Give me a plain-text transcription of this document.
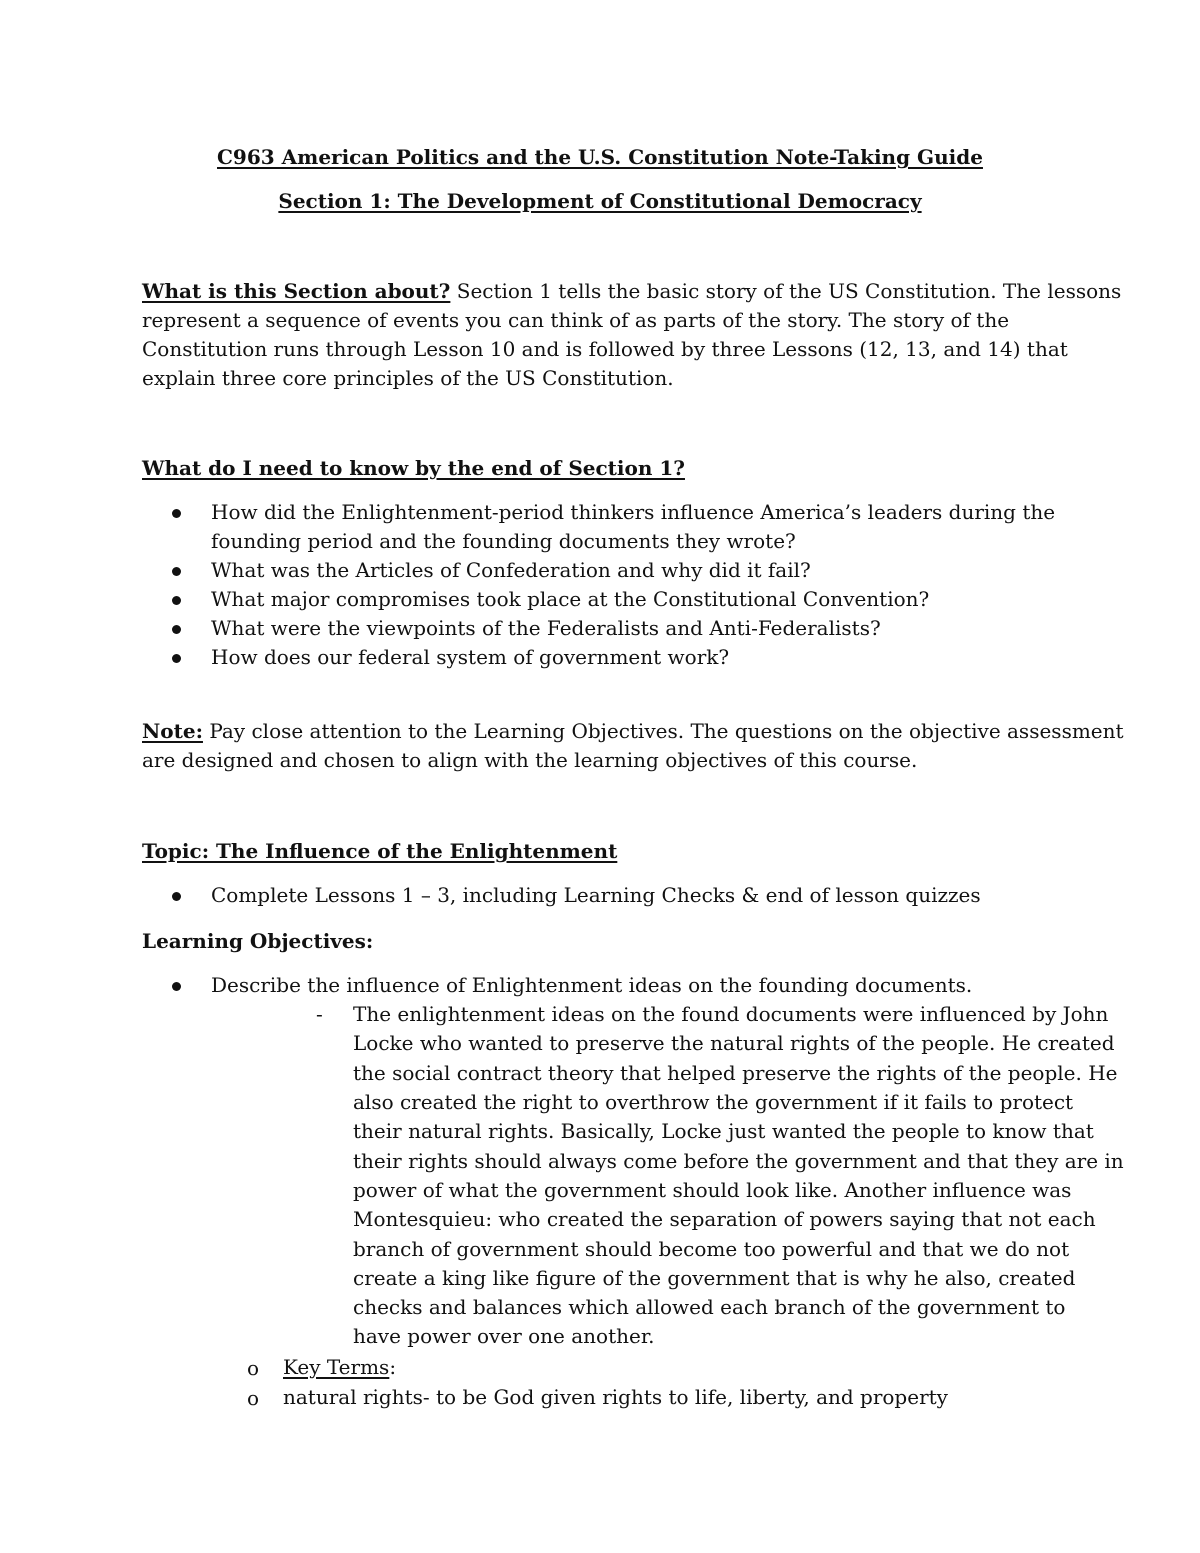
C963 American Politics and the U.S. Constitution Note-Taking Guide
Section 1: The Development of Constitutional Democracy
What is this Section about? Section 1 tells the basic story of the US Constitution. The lessons
represent a sequence of events you can think of as parts of the story. The story of the
Constitution runs through Lesson 10 and is followed by three Lessons (12, 13, and 14) that
explain three core principles of the US Constitution.
What do I need to know by the end of Section 1?
How did the Enlightenment-period thinkers influence America’s leaders during the
founding period and the founding documents they wrote?
What was the Articles of Confederation and why did it fail?
What major compromises took place at the Constitutional Convention?
What were the viewpoints of the Federalists and Anti-Federalists?
How does our federal system of government work?
Note: Pay close attention to the Learning Objectives. The questions on the objective assessment
are designed and chosen to align with the learning objectives of this course.
Topic: The Influence of the Enlightenment
Complete Lessons 1 – 3, including Learning Checks & end of lesson quizzes
Learning Objectives:
Describe the influence of Enlightenment ideas on the founding documents.
- The enlightenment ideas on the found documents were influenced by John
Locke who wanted to preserve the natural rights of the people. He created
the social contract theory that helped preserve the rights of the people. He
also created the right to overthrow the government if it fails to protect
their natural rights. Basically, Locke just wanted the people to know that
their rights should always come before the government and that they are in
power of what the government should look like. Another influence was
Montesquieu: who created the separation of powers saying that not each
branch of government should become too powerful and that we do not
create a king like figure of the government that is why he also, created
checks and balances which allowed each branch of the government to
have power over one another.
o Key Terms:
o natural rights- to be God given rights to life, liberty, and property
